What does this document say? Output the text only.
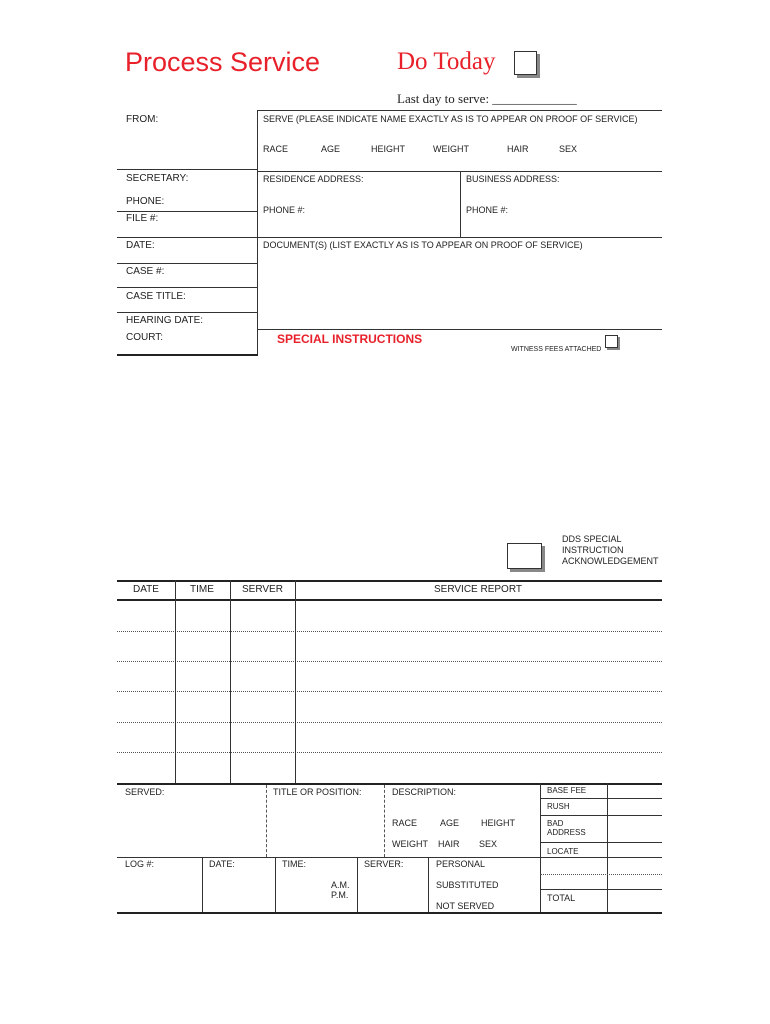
Process Service	Do Today
Last day to serve: _____________
FROM:
SECRETARY:
PHONE:
FILE #:
DATE:
CASE #:
CASE TITLE:
HEARING DATE:
COURT:
SERVE (PLEASE INDICATE NAME EXACTLY AS IS TO APPEAR ON PROOF OF SERVICE)
RACE	AGE	HEIGHT	WEIGHT	HAIR	SEX
RESIDENCE ADDRESS:	BUSINESS ADDRESS:
PHONE #:	PHONE #:
DOCUMENT(S) (LIST EXACTLY AS IS TO APPEAR ON PROOF OF SERVICE)
SPECIAL INSTRUCTIONS
WITNESS FEES ATTACHED
DDS SPECIAL
INSTRUCTION
ACKNOWLEDGEMENT
DATE	TIME	SERVER	SERVICE REPORT
SERVED:	TITLE OR POSITION:	DESCRIPTION:
RACE	AGE HEIGHT
WEIGHT HAIR SEX
BASE FEE
RUSH
BAD
ADDRESS
LOCATE
TOTAL
LOG #:	DATE:	TIME:
A.M.
P.M.
SERVER:	PERSONAL
SUBSTITUTED
NOT SERVED
